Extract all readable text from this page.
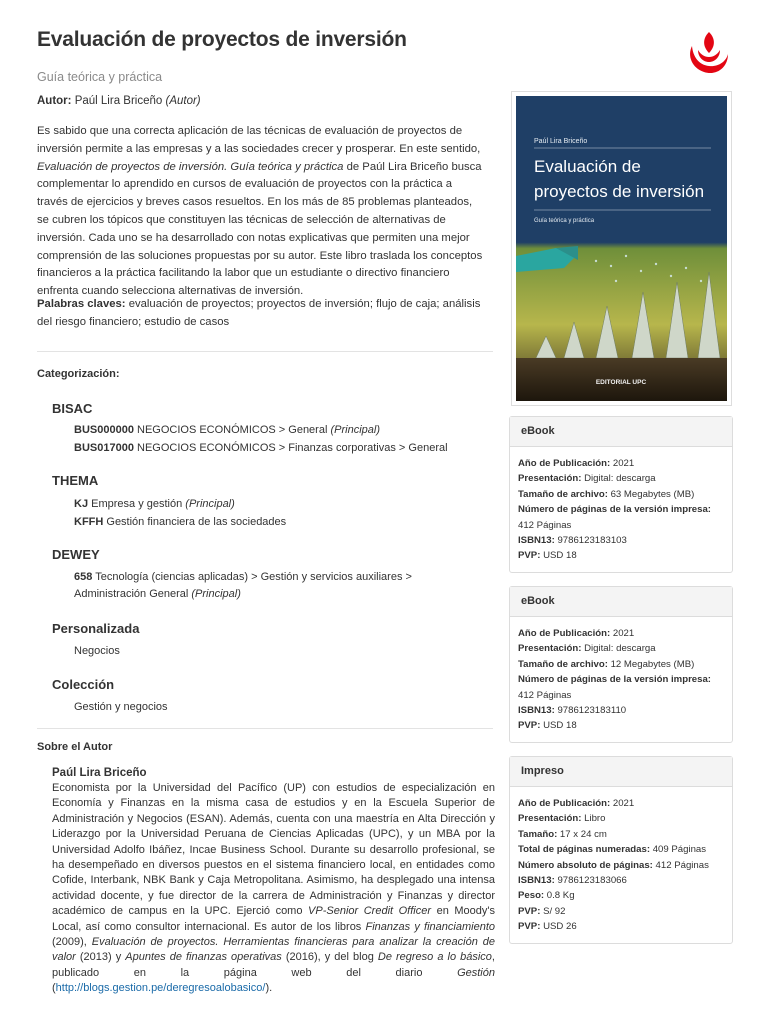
Evaluación de proyectos de inversión
Guía teórica y práctica
Autor: Paúl Lira Briceño (Autor)

Es sabido que una correcta aplicación de las técnicas de evaluación de proyectos de inversión permite a las empresas y a las sociedades crecer y prosperar. En este sentido, Evaluación de proyectos de inversión. Guía teórica y práctica de Paúl Lira Briceño busca complementar lo aprendido en cursos de evaluación de proyectos con la práctica a través de ejercicios y breves casos resueltos. En los más de 85 problemas planteados, se cubren los tópicos que constituyen las técnicas de selección de alternativas de inversión. Cada uno se ha desarrollado con notas explicativas que permiten una mejor comprensión de las soluciones propuestas por su autor. Este libro traslada los conceptos financieros a la práctica facilitando la labor que un estudiante o directivo financiero enfrenta cuando selecciona alternativas de inversión.

Palabras claves: evaluación de proyectos; proyectos de inversión; flujo de caja; análisis del riesgo financiero; estudio de casos

Categorización:
BISAC
BUS000000 NEGOCIOS ECONÓMICOS > General (Principal)
BUS017000 NEGOCIOS ECONÓMICOS > Finanzas corporativas > General
THEMA
KJ Empresa y gestión (Principal)
KFFH Gestión financiera de las sociedades
DEWEY
658 Tecnología (ciencias aplicadas) > Gestión y servicios auxiliares > Administración General (Principal)
Personalizada
Negocios
Colección
Gestión y negocios
Sobre el Autor
Paúl Lira Briceño

Economista por la Universidad del Pacífico (UP) con estudios de especialización en Economía y Finanzas en la misma casa de estudios y en la Escuela Superior de Administración y Negocios (ESAN). Además, cuenta con una maestría en Alta Dirección y Liderazgo por la Universidad Peruana de Ciencias Aplicadas (UPC), y un MBA por la Universidad Adolfo Ibáñez, Incae Business School. Durante su desarrollo profesional, se ha desempeñado en diversos puestos en el sistema financiero local, en entidades como Cofide, Interbank, NBK Bank y Caja Metropolitana. Asimismo, ha desplegado una intensa actividad docente, y fue director de la carrera de Administración y Finanzas y director académico de campus en la UPC. Ejerció como VP-Senior Credit Officer en Moody's Local, así como consultor internacional. Es autor de los libros Finanzas y financiamiento (2009), Evaluación de proyectos. Herramientas financieras para analizar la creación de valor (2013) y Apuntes de finanzas operativas (2016), y del blog De regreso a lo básico, publicado en la página web del diario Gestión (http://blogs.gestion.pe/deregresoalobasico/).

Paúl Lira Briceño
Evaluación de
proyectos de inversión
Guía teórica y práctica
EDITORIAL UPC
eBook
Año de Publicación: 2021
Presentación: Digital: descarga
Tamaño de archivo: 63 Megabytes (MB)
Número de páginas de la versión impresa: 412 Páginas
ISBN13: 9786123183103
PVP: USD 18
eBook
Año de Publicación: 2021
Presentación: Digital: descarga
Tamaño de archivo: 12 Megabytes (MB)
Número de páginas de la versión impresa: 412 Páginas
ISBN13: 9786123183110
PVP: USD 18
Impreso
Año de Publicación: 2021
Presentación: Libro
Tamaño: 17 x 24 cm
Total de páginas numeradas: 409 Páginas
Número absoluto de páginas: 412 Páginas
ISBN13: 9786123183066
Peso: 0.8 Kg
PVP: S/ 92
PVP: USD 26
